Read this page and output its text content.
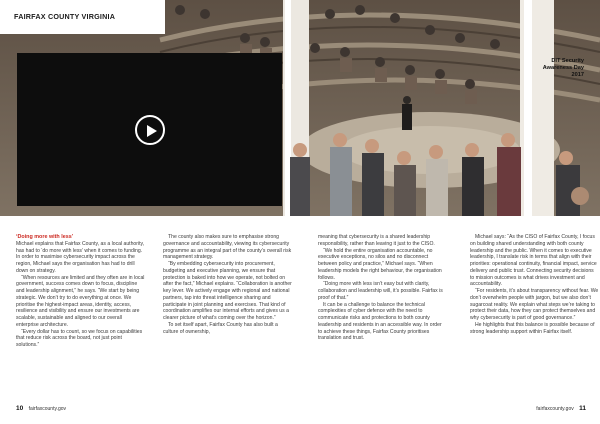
FAIRFAX COUNTY VIRGINIA
DIT Security
Awareness Day
2017

‘Doing more with less’

Michael explains that Fairfax County, as a local authority, has had to ‘do more with less’ when it comes to funding. In order to maximise cybersecurity impact across the region, Michael says the organisation has had to drill down on strategy.

“When resources are limited and they often are in local government, success comes down to focus, discipline and leadership alignment,” he says. “We start by being strategic. We don’t try to do everything at once. We prioritise the highest-impact areas, identity, access, resilience and visibility and ensure our investments are scalable, sustainable and aligned to our overall enterprise architecture.

“Every dollar has to count, so we focus on capabilities that reduce risk across the board, not just point solutions.”

The county also makes sure to emphasise strong governance and accountability, viewing its cybersecurity programme as an integral part of the county’s overall risk management strategy.

“By embedding cybersecurity into procurement, budgeting and executive planning, we ensure that protection is baked into how we operate, not bolted on after the fact,” Michael explains. “Collaboration is another key lever. We actively engage with regional and national partners, tap into threat intelligence sharing and participate in joint planning and exercises. That kind of coordination amplifies our internal efforts and gives us a clearer picture of what’s coming over the horizon.”

To set itself apart, Fairfax County has also built a culture of ownership,

meaning that cybersecurity is a shared leadership responsibility, rather than leaving it just to the CISO.

“We hold the entire organisation accountable, no executive exceptions, no silos and no disconnect between policy and practice,” Michael says. “When leadership models the right behaviour, the organisation follows.

“Doing more with less isn’t easy but with clarity, collaboration and leadership will, it’s possible. Fairfax is proof of that.”

It can be a challenge to balance the technical complexities of cyber defence with the need to communicate risks and protections to both county leadership and residents in an accessible way. In order to achieve these things, Fairfax County prioritises translation and trust.

Michael says: “As the CISO of Fairfax County, I focus on building shared understanding with both county leadership and the public. When it comes to executive leadership, I translate risk in terms that align with their priorities: operational continuity, financial impact, service delivery and public trust. Connecting security decisions to mission outcomes is what drives investment and accountability.

“For residents, it’s about transparency without fear. We don’t overwhelm people with jargon, but we also don’t sugarcoat reality. We explain what steps we’re taking to protect their data, how they can protect themselves and why cybersecurity is part of good governance.”

He highlights that this balance is possible because of strong leadership support within Fairfax itself.

10 fairfaxcounty.gov	fairfaxcounty.gov 11
